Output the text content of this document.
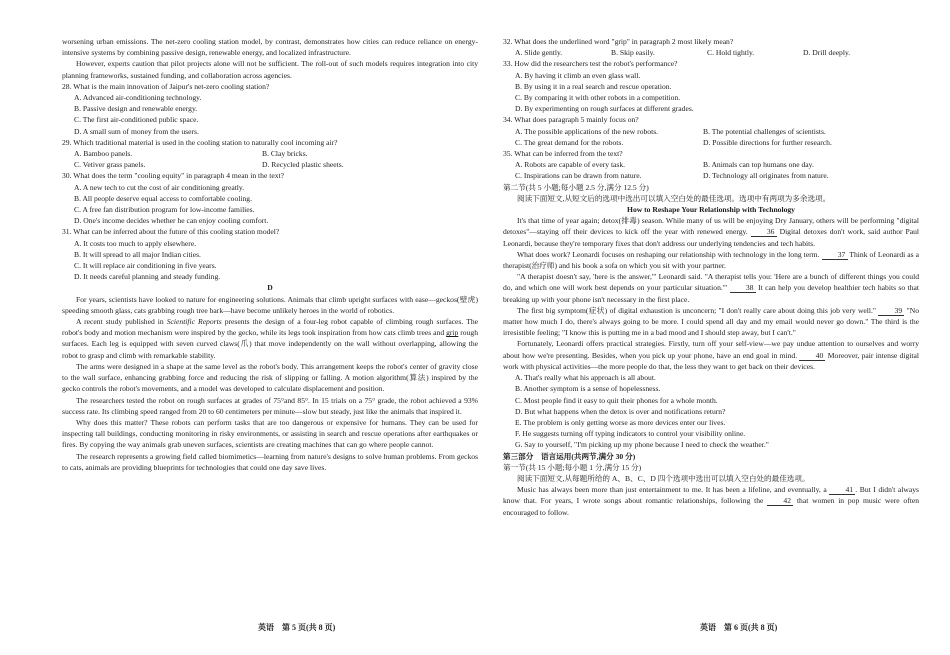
worsening urban emissions. The net-zero cooling station model, by contrast, demonstrates how cities can reduce reliance on energy-intensive systems by combining passive design, renewable energy, and localized infrastructure.

However, experts caution that pilot projects alone will not be sufficient. The roll-out of such models requires integration into city planning frameworks, sustained funding, and collaboration across agencies.

28. What is the main innovation of Jaipur's net-zero cooling station?

A. Advanced air-conditioning technology.

B. Passive design and renewable energy.

C. The first air-conditioned public space.

D. A small sum of money from the users.

29. Which traditional material is used in the cooling station to naturally cool incoming air?

A. Bamboo panels.	B. Clay bricks.
C. Vetiver grass panels.	D. Recycled plastic sheets.

30. What does the term "cooling equity" in paragraph 4 mean in the text?

A. A new tech to cut the cost of air conditioning greatly.

B. All people deserve equal access to comfortable cooling.

C. A free fan distribution program for low-income families.

D. One's income decides whether he can enjoy cooling comfort.

31. What can be inferred about the future of this cooling station model?

A. It costs too much to apply elsewhere.

B. It will spread to all major Indian cities.

C. It will replace air conditioning in five years.

D. It needs careful planning and steady funding.

D

For years, scientists have looked to nature for engineering solutions. Animals that climb upright surfaces with ease—geckos(壁虎) speeding smooth glass, cats grabbing rough tree bark—have become unlikely heroes in the world of robotics.

A recent study published in Scientific Reports presents the design of a four-leg robot capable of climbing rough surfaces. The robot's body and motion mechanism were inspired by the gecko, while its legs took inspiration from how cats climb trees and grip rough surfaces. Each leg is equipped with seven curved claws(爪) that move independently on the wall without overlapping, allowing the robot to grasp and climb with remarkable stability.

The arms were designed in a shape at the same level as the robot's body. This arrangement keeps the robot's center of gravity close to the wall surface, enhancing grabbing force and reducing the risk of slipping or falling. A motion algorithm(算法) inspired by the gecko controls the robot's movements, and a model was developed to calculate displacement and position.

The researchers tested the robot on rough surfaces at grades of 75°and 85°. In 15 trials on a 75° grade, the robot achieved a 93% success rate. Its climbing speed ranged from 20 to 60 centimeters per minute—slow but steady, just like the animals that inspired it.

Why does this matter? These robots can perform tasks that are too dangerous or expensive for humans. They can be used for inspecting tall buildings, conducting monitoring in risky environments, or assisting in search and rescue operations after earthquakes or fires. By copying the way animals grab uneven surfaces, scientists are creating machines that can go where people cannot.

The research represents a growing field called biomimetics—learning from nature's designs to solve human problems. From geckos to cats, animals are providing blueprints for technologies that could one day save lives.

32. What does the underlined word "grip" in paragraph 2 most likely mean?

A. Slide gently.	B. Skip easily.	C. Hold tightly.	D. Drill deeply.

33. How did the researchers test the robot's performance?

A. By having it climb an even glass wall.

B. By using it in a real search and rescue operation.

C. By comparing it with other robots in a competition.

D. By experimenting on rough surfaces at different grades.

34. What does paragraph 5 mainly focus on?

A. The possible applications of the new robots.	B. The potential challenges of scientists.
C. The great demand for the robots.	D. Possible directions for further research.

35. What can be inferred from the text?

A. Robots are capable of every task.	B. Animals can top humans one day.
C. Inspirations can be drawn from nature.	D. Technology all originates from nature.

第二节(共 5 小题;每小题 2.5 分,满分 12.5 分)

阅读下面短文,从短文后的选项中选出可以填入空白处的最佳选项。选项中有两项为多余选项。

How to Reshape Your Relationship with Technology

It's that time of year again; detox(排毒) season. While many of us will be enjoying Dry January, others will be performing "digital detoxes"—staying off their devices to kick off the year with renewed energy. 36 Digital detoxes don't work, said author Paul Leonardi, because they're temporary fixes that don't address our underlying tendencies and tech habits.

What does work? Leonardi focuses on reshaping our relationship with technology in the long term. 37 Think of Leonardi as a therapist(治疗师) and his book a sofa on which you sit with your partner.

"A therapist doesn't say, 'here is the answer,'" Leonardi said. "A therapist tells you: 'Here are a bunch of different things you could do, and which one will work best depends on your particular situation.'" 38 It can help you develop healthier tech habits so that breaking up with your phone isn't necessary in the first place.

The first big symptom(症状) of digital exhaustion is unconcern; "I don't really care about doing this job very well." 39 "No matter how much I do, there's always going to be more. I could spend all day and my email would never go down." The third is the irresistible feeling; "I know this is putting me in a bad mood and I should step away, but I can't."

Fortunately, Leonardi offers practical strategies. Firstly, turn off your self-view—we pay undue attention to ourselves and worry about how we're presenting. Besides, when you pick up your phone, have an end goal in mind. 40 Moreover, pair intense digital work with physical activities—the more people do that, the less they want to get back on their devices.

A. That's really what his approach is all about.

B. Another symptom is a sense of hopelessness.

C. Most people find it easy to quit their phones for a whole month.

D. But what happens when the detox is over and notifications return?

E. The problem is only getting worse as more devices enter our lives.

F. He suggests turning off typing indicators to control your visibility online.

G. Say to yourself, "I'm picking up my phone because I need to check the weather."

第三部分　语言运用(共两节,满分 30 分)

第一节(共 15 小题;每小题 1 分,满分 15 分)

阅读下面短文,从每题所给的 A、B、C、D 四个选项中选出可以填入空白处的最佳选项。

Music has always been more than just entertainment to me. It has been a lifeline, and eventually, a 41 . But I didn't always know that. For years, I wrote songs about romantic relationships, following the 42 that women in pop music were often encouraged to follow.

英语　第 5 页(共 8 页)	英语　第 6 页(共 8 页)
